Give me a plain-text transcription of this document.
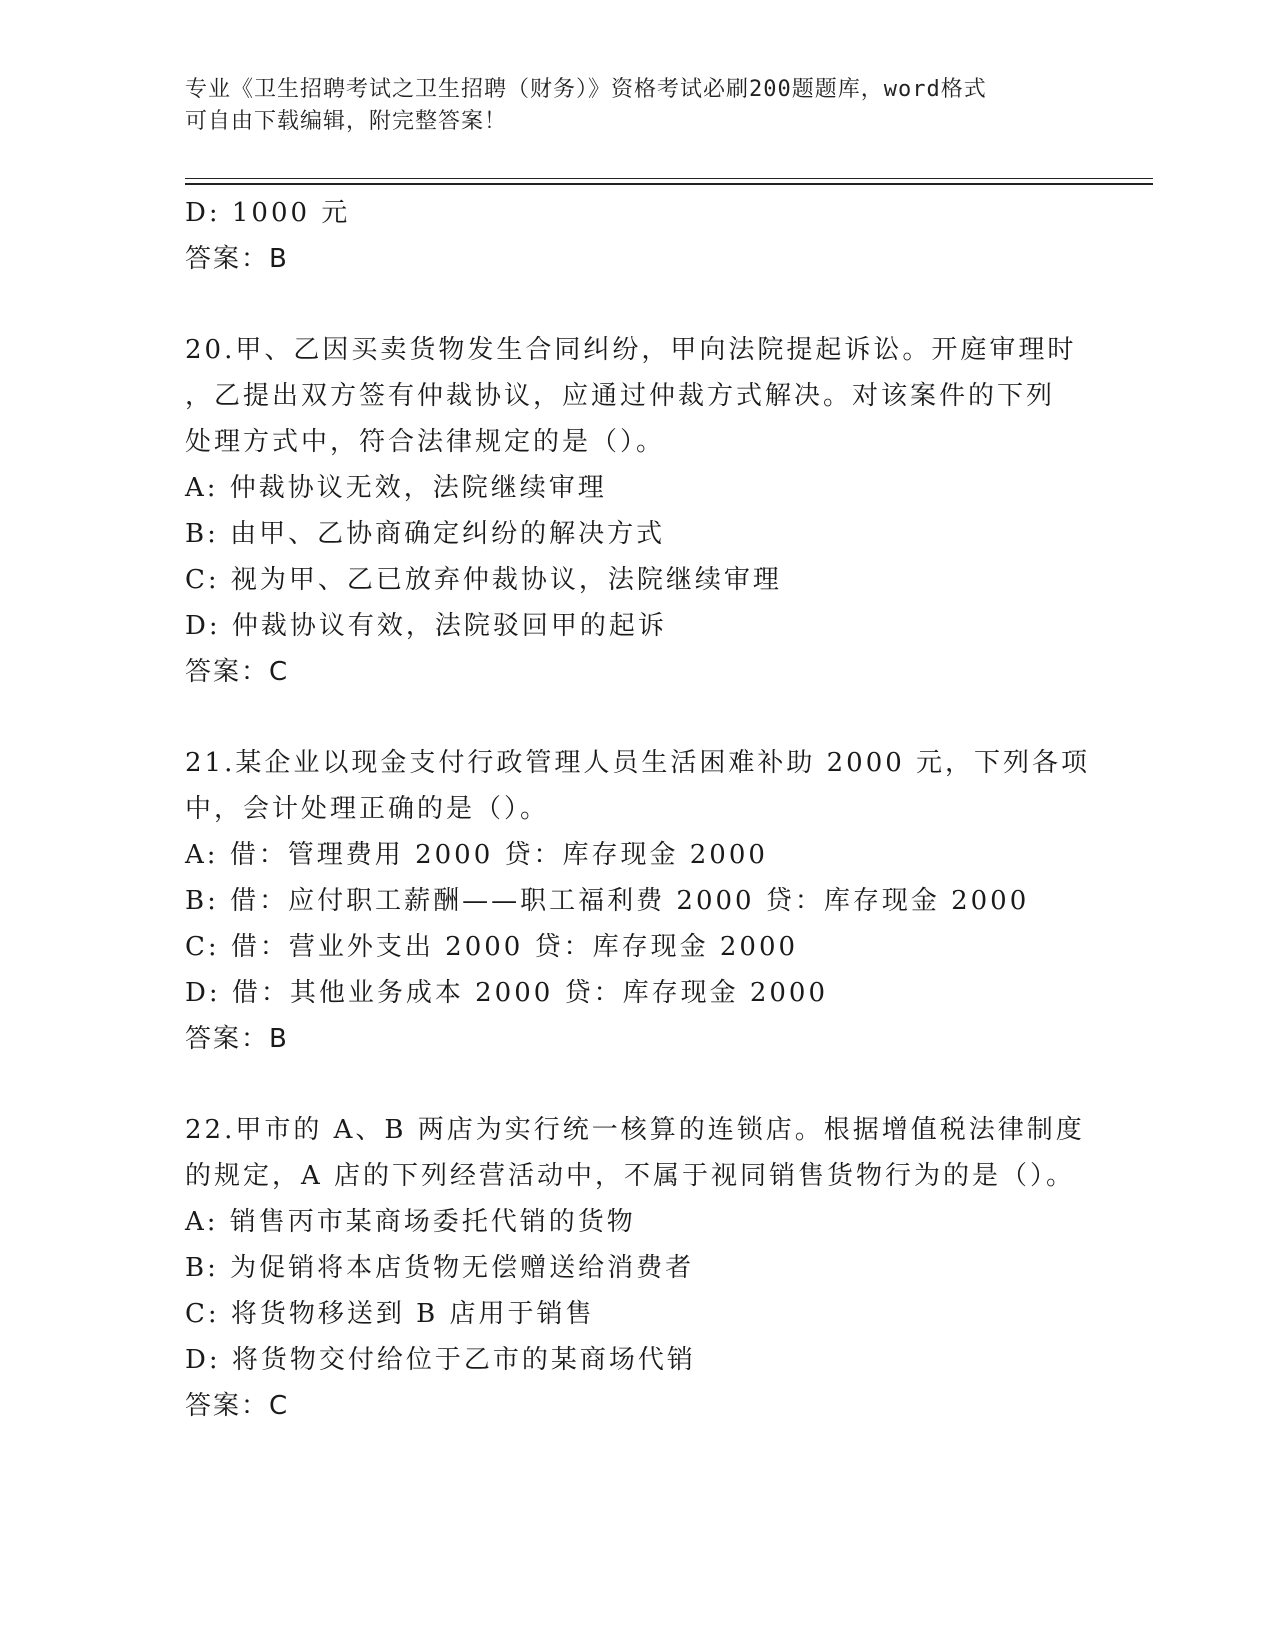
专业《卫生招聘考试之卫生招聘（财务）》资格考试必刷200题题库，word格式
可自由下载编辑，附完整答案！
D: 1000 元
答案：B
20.甲、乙因买卖货物发生合同纠纷，甲向法院提起诉讼。开庭审理时
，乙提出双方签有仲裁协议，应通过仲裁方式解决。对该案件的下列
处理方式中，符合法律规定的是（）。
A: 仲裁协议无效，法院继续审理
B: 由甲、乙协商确定纠纷的解决方式
C: 视为甲、乙已放弃仲裁协议，法院继续审理
D: 仲裁协议有效，法院驳回甲的起诉
答案：C
21.某企业以现金支付行政管理人员生活困难补助 2000 元，下列各项
中，会计处理正确的是（）。
A: 借：管理费用 2000 贷：库存现金 2000
B: 借：应付职工薪酬——职工福利费 2000 贷：库存现金 2000
C: 借：营业外支出 2000 贷：库存现金 2000
D: 借：其他业务成本 2000 贷：库存现金 2000
答案：B
22.甲市的 A、B 两店为实行统一核算的连锁店。根据增值税法律制度
的规定，A 店的下列经营活动中，不属于视同销售货物行为的是（）。
A: 销售丙市某商场委托代销的货物
B: 为促销将本店货物无偿赠送给消费者
C: 将货物移送到 B 店用于销售
D: 将货物交付给位于乙市的某商场代销
答案：C
